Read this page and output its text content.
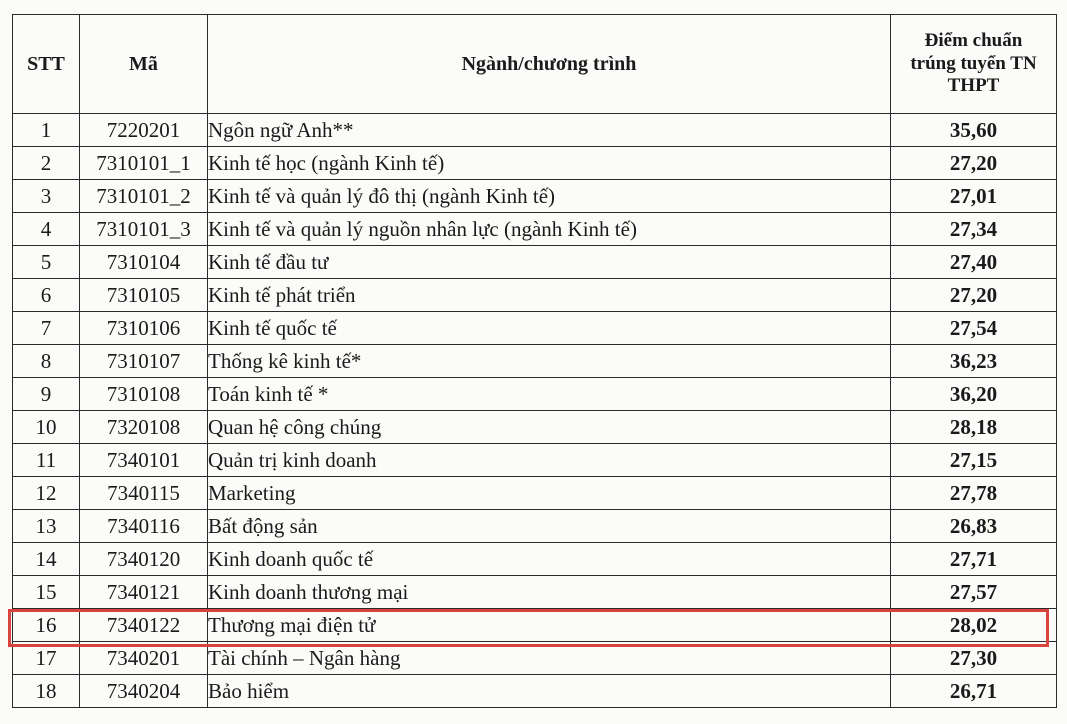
STT	Mã	Ngành/chương trình	Điểm chuẩn
trúng tuyển TN
THPT
1	7220201	Ngôn ngữ Anh**	35,60
2	7310101_1	Kinh tế học (ngành Kinh tế)	27,20
3	7310101_2	Kinh tế và quản lý đô thị (ngành Kinh tế)	27,01
4	7310101_3	Kinh tế và quản lý nguồn nhân lực (ngành Kinh tế)	27,34
5	7310104	Kinh tế đầu tư	27,40
6	7310105	Kinh tế phát triển	27,20
7	7310106	Kinh tế quốc tế	27,54
8	7310107	Thống kê kinh tế*	36,23
9	7310108	Toán kinh tế *	36,20
10	7320108	Quan hệ công chúng	28,18
11	7340101	Quản trị kinh doanh	27,15
12	7340115	Marketing	27,78
13	7340116	Bất động sản	26,83
14	7340120	Kinh doanh quốc tế	27,71
15	7340121	Kinh doanh thương mại	27,57
16	7340122	Thương mại điện tử	28,02
17	7340201	Tài chính – Ngân hàng	27,30
18	7340204	Bảo hiểm	26,71
